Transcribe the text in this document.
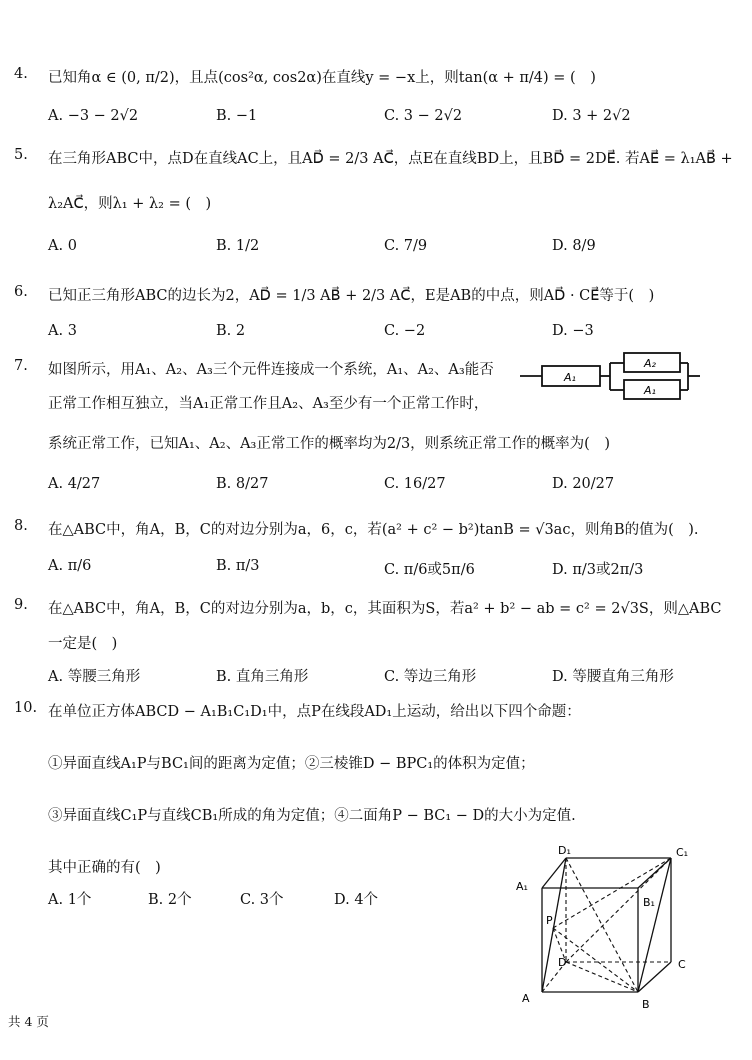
4.	已知角α ∈ (0, π/2)，且点(cos²α, cos2α)在直线y = −x上，则tan(α + π/4) = (　)
A. −3 − 2√2	B. −1	C. 3 − 2√2	D. 3 + 2√2
5.	在三角形ABC中，点D在直线AC上，且AD⃗ = 2/3 AC⃗，点E在直线BD上，且BD⃗ = 2DE⃗. 若AE⃗ = λ₁AB⃗ +
λ₂AC⃗，则λ₁ + λ₂ = (　)
A. 0	B. 1/2	C. 7/9	D. 8/9
6.	已知正三角形ABC的边长为2，AD⃗ = 1/3 AB⃗ + 2/3 AC⃗，E是AB的中点，则AD⃗ · CE⃗等于(　)
A. 3	B. 2	C. −2	D. −3
7.	如图所示，用A₁、A₂、A₃三个元件连接成一个系统，A₁、A₂、A₃能否
正常工作相互独立，当A₁正常工作且A₂、A₃至少有一个正常工作时，
系统正常工作，已知A₁、A₂、A₃正常工作的概率均为2/3，则系统正常工作的概率为(　)
A. 4/27	B. 8/27	C. 16/27	D. 20/27
A₁
A₂
A₁
8.	在△ABC中，角A，B，C的对边分别为a，6，c，若(a² + c² − b²)tanB = √3ac，则角B的值为(　).
A. π/6	B. π/3	C. π/6或5π/6	D. π/3或2π/3
9.	在△ABC中，角A，B，C的对边分别为a，b，c，其面积为S，若a² + b² − ab = c² = 2√3S，则△ABC
一定是(　)
A. 等腰三角形	B. 直角三角形	C. 等边三角形	D. 等腰直角三角形
10. 在单位正方体ABCD − A₁B₁C₁D₁中，点P在线段AD₁上运动，给出以下四个命题：
①异面直线A₁P与BC₁间的距离为定值；②三棱锥D − BPC₁的体积为定值；
③异面直线C₁P与直线CB₁所成的角为定值；④二面角P − BC₁ − D的大小为定值.
其中正确的有(　)
A. 1个	B. 2个	C. 3个	D. 4个
D₁	C₁
A₁
B₁
P
D	C
A	B
共 4 页
